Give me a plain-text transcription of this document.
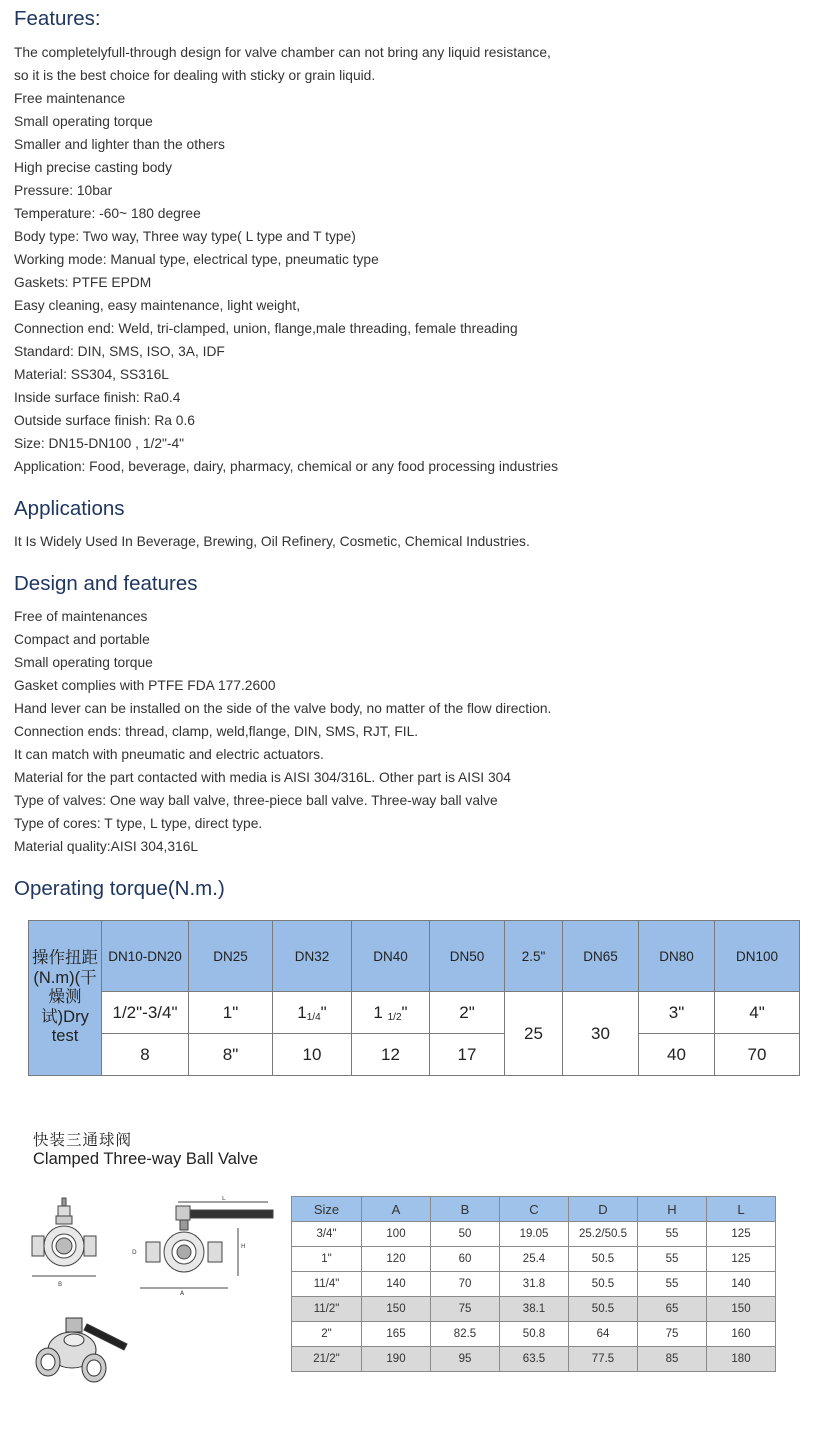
Features:
The completelyfull-through design for valve chamber can not bring any liquid resistance,
so it is the best choice for dealing with sticky or grain liquid.
Free maintenance
Small operating torque
Smaller and lighter than the others
High precise casting body
Pressure: 10bar
Temperature: -60~ 180 degree
Body type: Two way, Three way type( L type and T type)
Working mode: Manual type, electrical type, pneumatic type
Gaskets: PTFE EPDM
Easy cleaning, easy maintenance, light weight,
Connection end: Weld, tri-clamped, union, flange,male threading, female threading
Standard: DIN, SMS, ISO, 3A, IDF
Material: SS304, SS316L
Inside surface finish: Ra0.4
Outside surface finish: Ra 0.6
Size: DN15-DN100 , 1/2"-4"
Application: Food, beverage, dairy, pharmacy, chemical or any food processing industries
Applications
It Is Widely Used In Beverage, Brewing, Oil Refinery, Cosmetic, Chemical Industries.
Design and features
Free of maintenances
Compact and portable
Small operating torque
Gasket complies with PTFE FDA 177.2600
Hand lever can be installed on the side of the valve body, no matter of the flow direction.
Connection ends: thread, clamp, weld,flange, DIN, SMS, RJT, FIL.
It can match with pneumatic and electric actuators.
Material for the part contacted with media is AISI 304/316L. Other part is AISI 304
Type of valves: One way ball valve, three-piece ball valve. Three-way ball valve
Type of cores: T type, L type, direct type.
Material quality:AISI 304,316L
Operating torque(N.m.)
操作扭距(N.m)(干燥测试)Dry test	DN10-DN20	DN25	DN32	DN40	DN50	2.5"	DN65	DN80	DN100
	1/2"-3/4"	1"	$1_{1/4}$"	1 $_{1/2}$"	2"	25	30	3"	4"
	8	8"	10	12	17			40	70
快装三通球阀
Clamped Three-way Ball Valve
B
L
A
H
D
Size	A	B	C	D	H	L
3/4"	100	50	19.05	25.2/50.5	55	125
1"	120	60	25.4	50.5	55	125
11/4"	140	70	31.8	50.5	55	140
11/2"	150	75	38.1	50.5	65	150
2"	165	82.5	50.8	64	75	160
21/2"	190	95	63.5	77.5	85	180
